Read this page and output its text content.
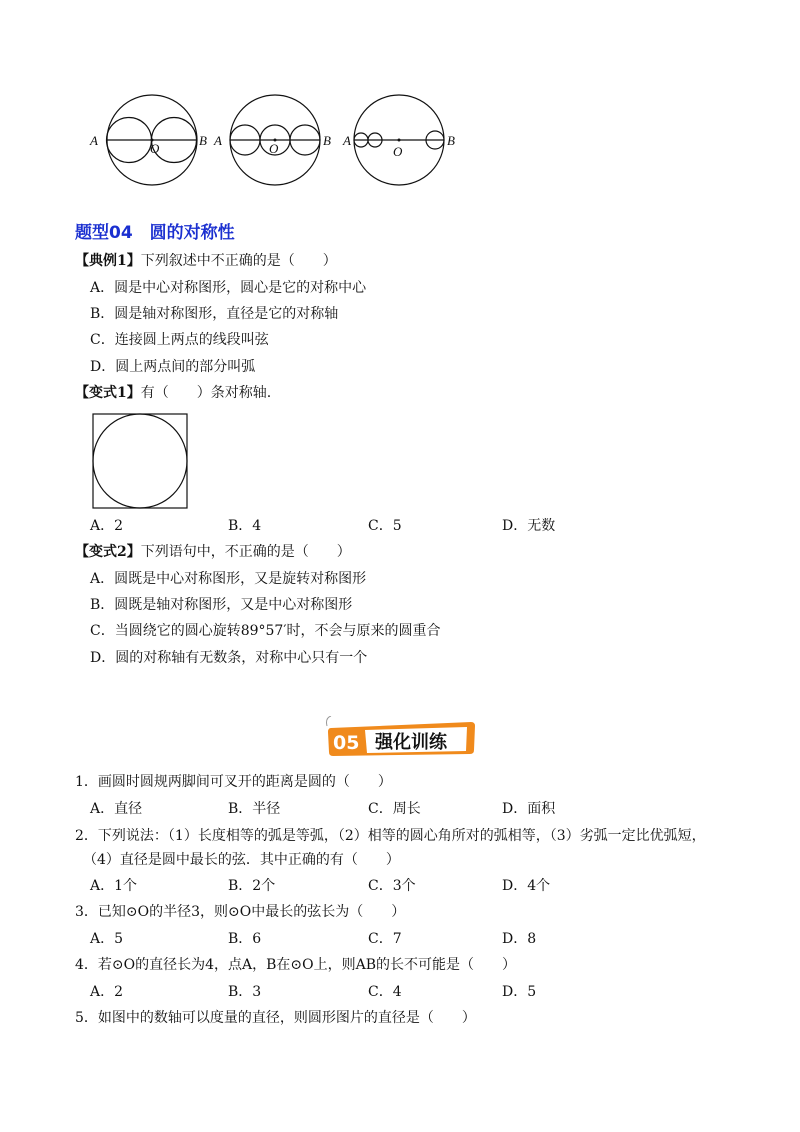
A
O
B A
O
B A
O
B
题型04　圆的对称性
【典例1】下列叙述中不正确的是（　　）
A．圆是中心对称图形，圆心是它的对称中心
B．圆是轴对称图形，直径是它的对称轴
C．连接圆上两点的线段叫弦
D．圆上两点间的部分叫弧
【变式1】有（　　）条对称轴.
A．2	B．4	C．5	D．无数
【变式2】下列语句中，不正确的是（　　）
A．圆既是中心对称图形，又是旋转对称图形
B．圆既是轴对称图形，又是中心对称图形
C．当圆绕它的圆心旋转89°57′时，不会与原来的圆重合
D．圆的对称轴有无数条，对称中心只有一个
05 强化训练
1．画圆时圆规两脚间可叉开的距离是圆的（　　）
A．直径	B．半径	C．周长	D．面积
2．下列说法：（1）长度相等的弧是等弧，（2）相等的圆心角所对的弧相等，（3）劣弧一定比优弧短，
（4）直径是圆中最长的弦．其中正确的有（　　）
A．1个	B．2个	C．3个	D．4个
3．已知⊙O的半径3，则⊙O中最长的弦长为（　　）
A．5	B．6	C．7	D．8
4．若⊙O的直径长为4，点A，B在⊙O上，则AB的长不可能是（　　）
A．2	B．3	C．4	D．5
5．如图中的数轴可以度量的直径，则圆形图片的直径是（　　）
